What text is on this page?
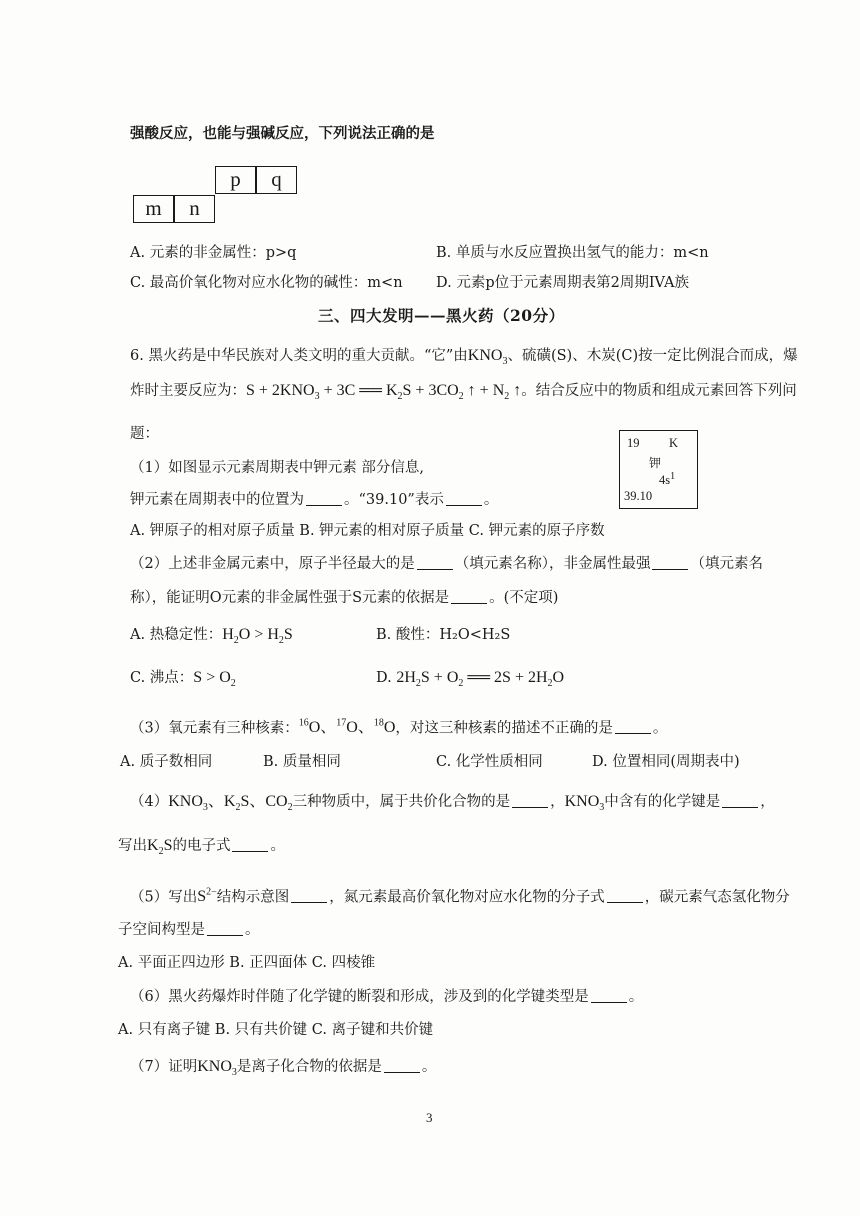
强酸反应，也能与强碱反应，下列说法正确的是
p	q
m	n
A. 元素的非金属性：p>q	B. 单质与水反应置换出氢气的能力：m<n
C. 最高价氧化物对应水化物的碱性：m<n D. 元素p位于元素周期表第2周期IVA族
三、四大发明——黑火药（20分）
6. 黑火药是中华民族对人类文明的重大贡献。“它”由$KNO_3$、硫磺(S)、木炭(C)按一定比例混合而成，爆
炸时主要反应为：$S + 2KNO_3 + 3C$ ══ $K_2S + 3CO_2$ ↑ + $N_2$ ↑。结合反应中的物质和组成元素回答下列问
题：
19 K
钾
$4s^1$
39.10
（1）如图显示元素周期表中钾元素 部分信息,
钾元素在周期表中的位置为	。“39.10”表示	。
A. 钾原子的相对原子质量 B. 钾元素的相对原子质量 C. 钾元素的原子序数
（2）上述非金属元素中，原子半径最大的是	（填元素名称），非金属性最强	（填元素名
称），能证明O元素的非金属性强于S元素的依据是	。(不定项)
A. 热稳定性：$H_2O > H_2S$	B. 酸性：H₂O<H₂S
C. 沸点：$S > O_2$	D. $2H_2S + O_2$ ══ $2S + 2H_2O$
（3）氧元素有三种核素：$^{16}$O、$^{17}$O、$^{18}$O，对这三种核素的描述不正确的是	。
A. 质子数相同	B. 质量相同	C. 化学性质相同	D. 位置相同(周期表中)
$(4)KNO_3$、$K_2S$、$CO_2$三种物质中，属于共价化合物的是	，$KNO_3$中含有的化学键是	，
写出$K_2S$的电子式	。
（5）写出$S^{2-}$结构示意图	，氮元素最高价氧化物对应水化物的分子式	，碳元素气态氢化物分
子空间构型是	。
A. 平面正四边形 B. 正四面体 C. 四棱锥
（6）黑火药爆炸时伴随了化学键的断裂和形成，涉及到的化学键类型是	。
A. 只有离子键 B. 只有共价键 C. 离子键和共价键
（7）证明$KNO_3$是离子化合物的依据是	。
3
